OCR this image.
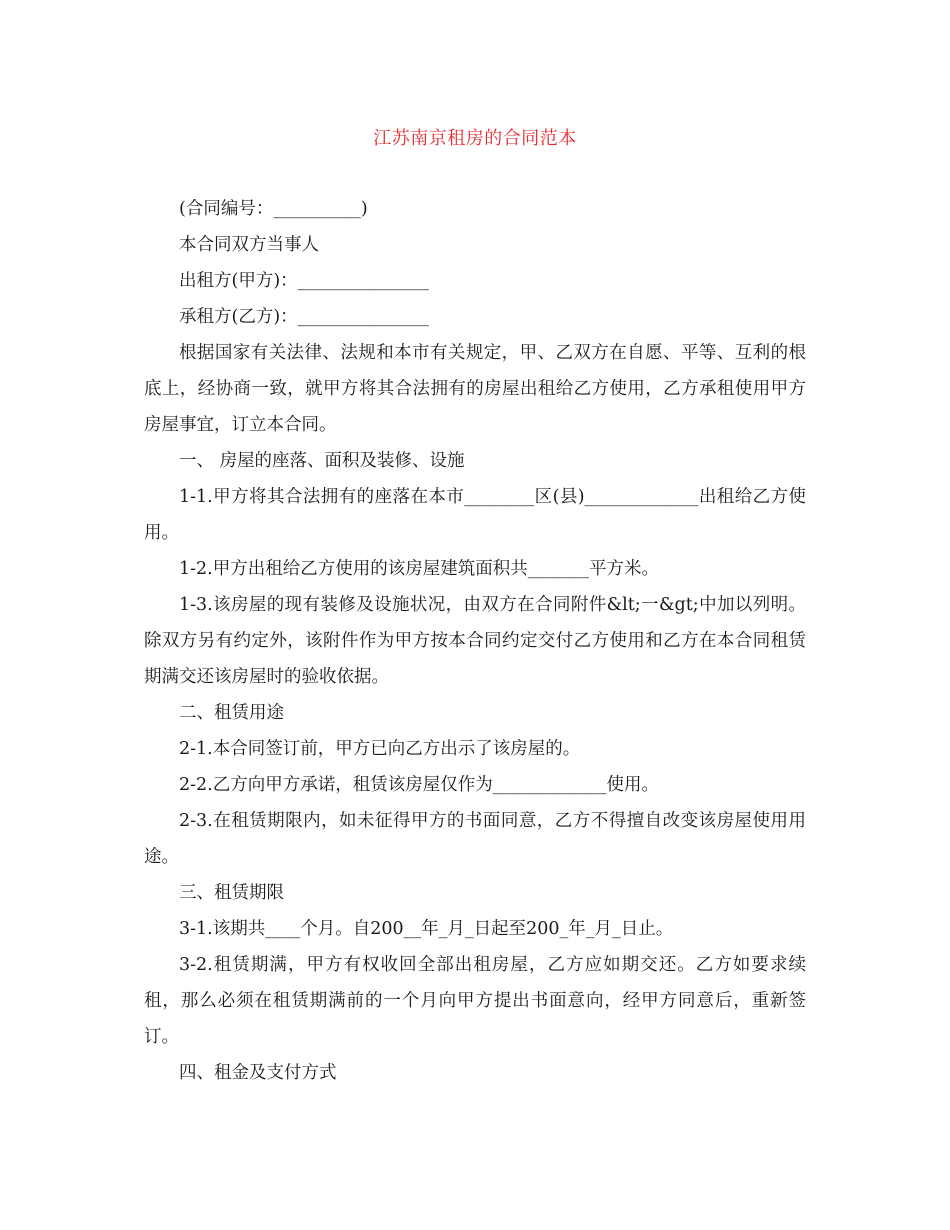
江苏南京租房的合同范本

(合同编号：__________)

本合同双方当事人

出租方(甲方)：_______________

承租方(乙方)：_______________

根据国家有关法律、法规和本市有关规定，甲、乙双方在自愿、平等、互利的根底上，经协商一致，就甲方将其合法拥有的房屋出租给乙方使用，乙方承租使用甲方房屋事宜，订立本合同。

一、 房屋的座落、面积及装修、设施

1-1.甲方将其合法拥有的座落在本市________区(县)_____________出租给乙方使用。

1-2.甲方出租给乙方使用的该房屋建筑面积共_______平方米。

1-3.该房屋的现有装修及设施状况，由双方在合同附件&lt;一&gt;中加以列明。除双方另有约定外，该附件作为甲方按本合同约定交付乙方使用和乙方在本合同租赁期满交还该房屋时的验收依据。

二、租赁用途

2-1.本合同签订前，甲方已向乙方出示了该房屋的。

2-2.乙方向甲方承诺，租赁该房屋仅作为_____________使用。

2-3.在租赁期限内，如未征得甲方的书面同意，乙方不得擅自改变该房屋使用用途。

三、租赁期限

3-1.该期共____个月。自200__年_月_日起至200_年_月_日止。

3-2.租赁期满，甲方有权收回全部出租房屋，乙方应如期交还。乙方如要求续租，那么必须在租赁期满前的一个月向甲方提出书面意向，经甲方同意后，重新签订。

四、租金及支付方式
